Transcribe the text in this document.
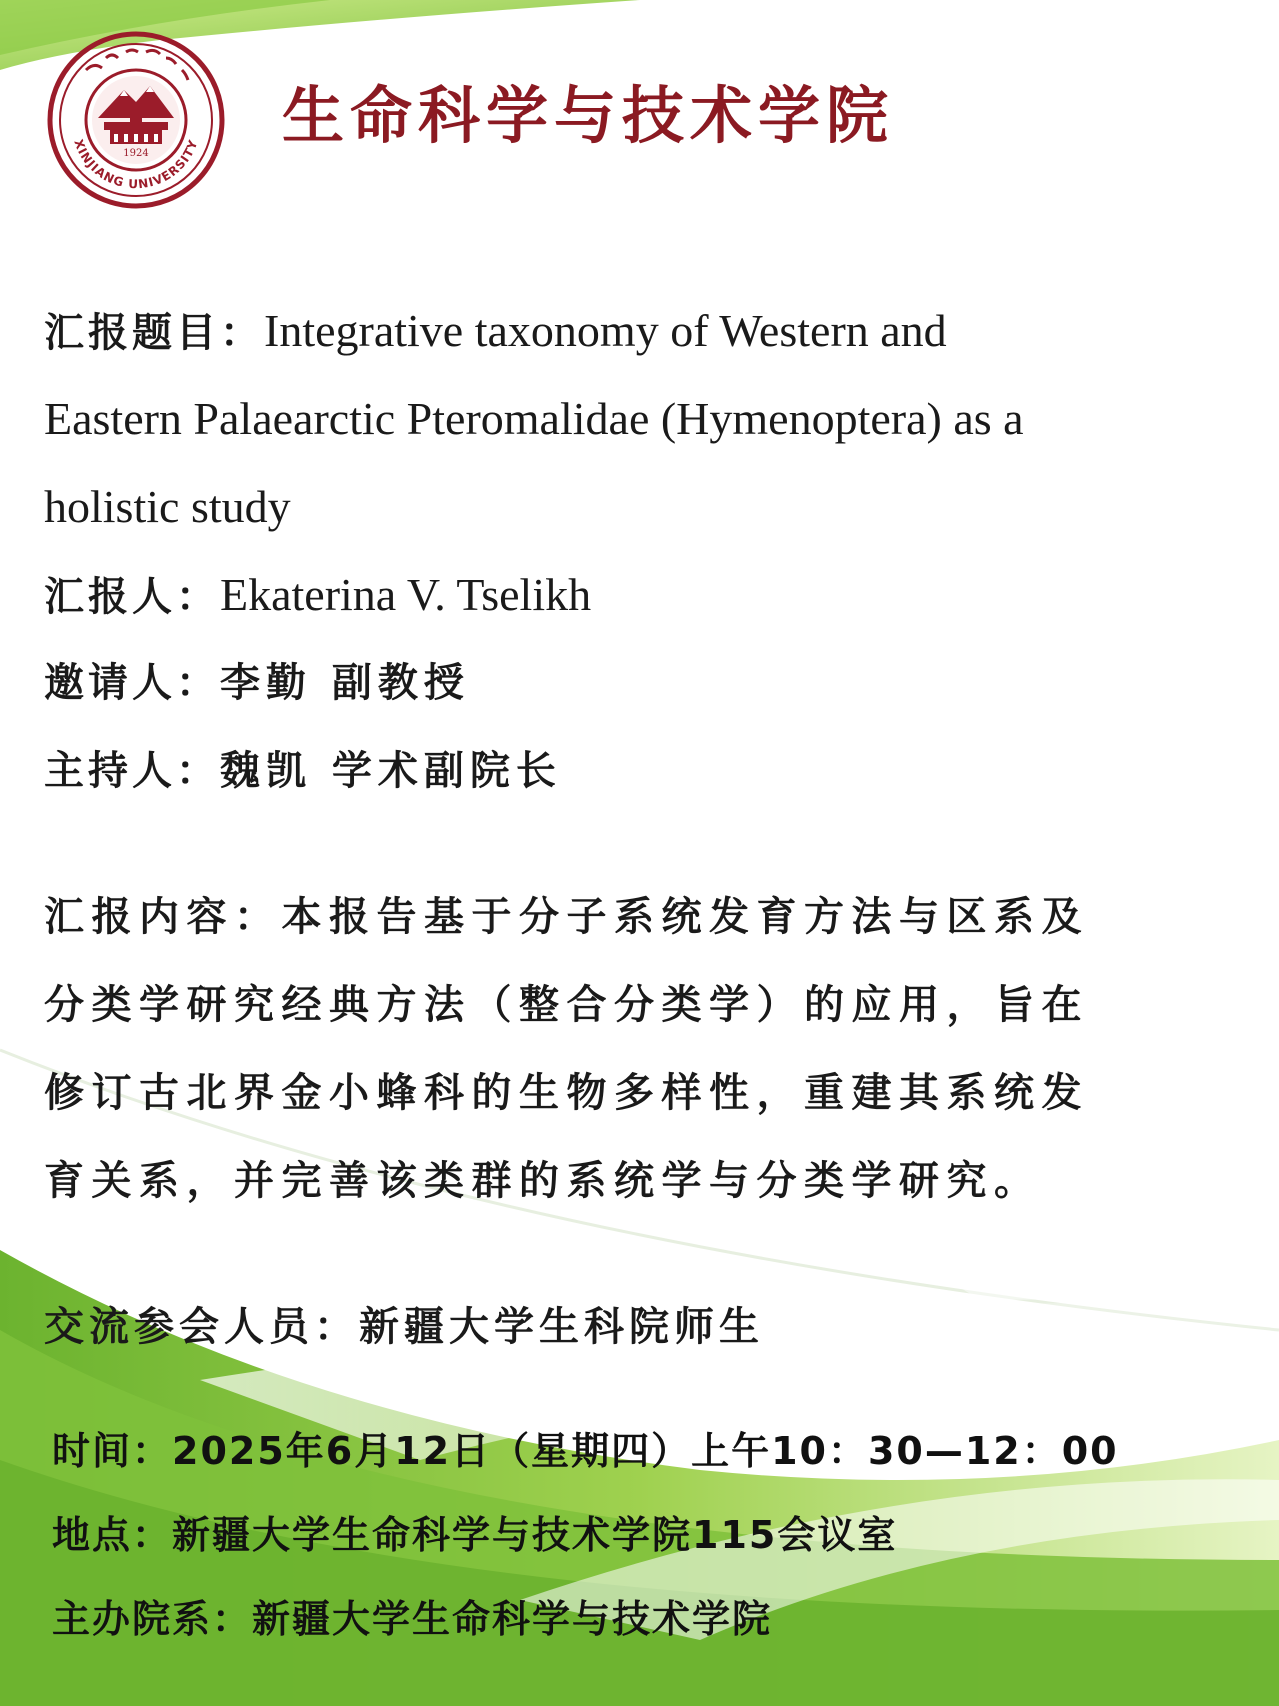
1924
XINJIANG UNIVERSITY 生命科学与技术学院
汇报题目：Integrative taxonomy of Western and
Eastern Palaearctic Pteromalidae (Hymenoptera) as a
holistic study
汇报人：Ekaterina V. Tselikh
邀请人：李勤 副教授
主持人：魏凯 学术副院长
汇报内容：本报告基于分子系统发育方法与区系及
分类学研究经典方法（整合分类学）的应用，旨在
修订古北界金小蜂科的生物多样性，重建其系统发
育关系，并完善该类群的系统学与分类学研究。
交流参会人员：新疆大学生科院师生
时间：2025年6月12日（星期四）上午10：30—12：00
地点：新疆大学生命科学与技术学院115会议室
主办院系：新疆大学生命科学与技术学院
